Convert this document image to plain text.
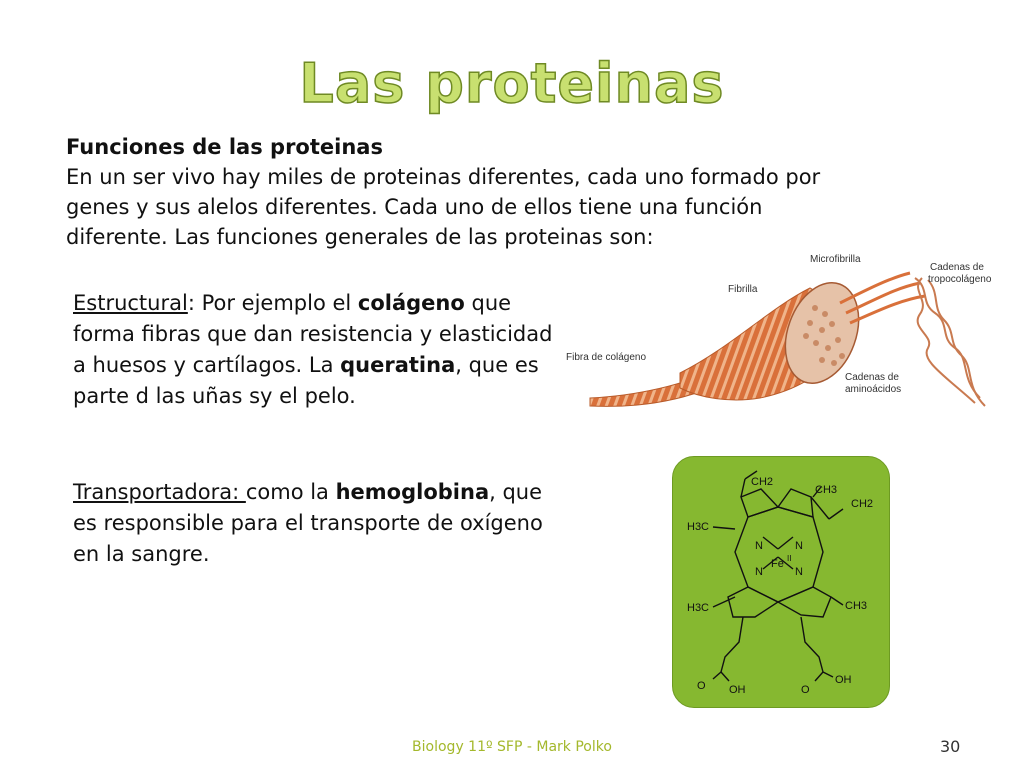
Las proteinas
Funciones de las proteinas
En un ser vivo hay miles de proteinas diferentes, cada uno formado por
genes y sus alelos diferentes. Cada uno de ellos tiene una función
diferente. Las funciones generales de las proteinas son:
Estructural: Por ejemplo el colágeno que forma fibras que dan resistencia y elasticidad a huesos y cartílagos. La queratina, que es parte d las uñas sy el pelo.
Transportadora: como la hemoglobina, que es responsible para el transporte de oxígeno en la sangre.
Microfibrilla
Fibrilla
Fibra de colágeno
Cadenas de
tropocolágeno
Cadenas de
aminoácidos
CH2
CH3
CH2
H3C
H3C	CH3
N	N
N	N
Fe II
O OH	O
OH
Biology 11º SFP - Mark Polko	30
